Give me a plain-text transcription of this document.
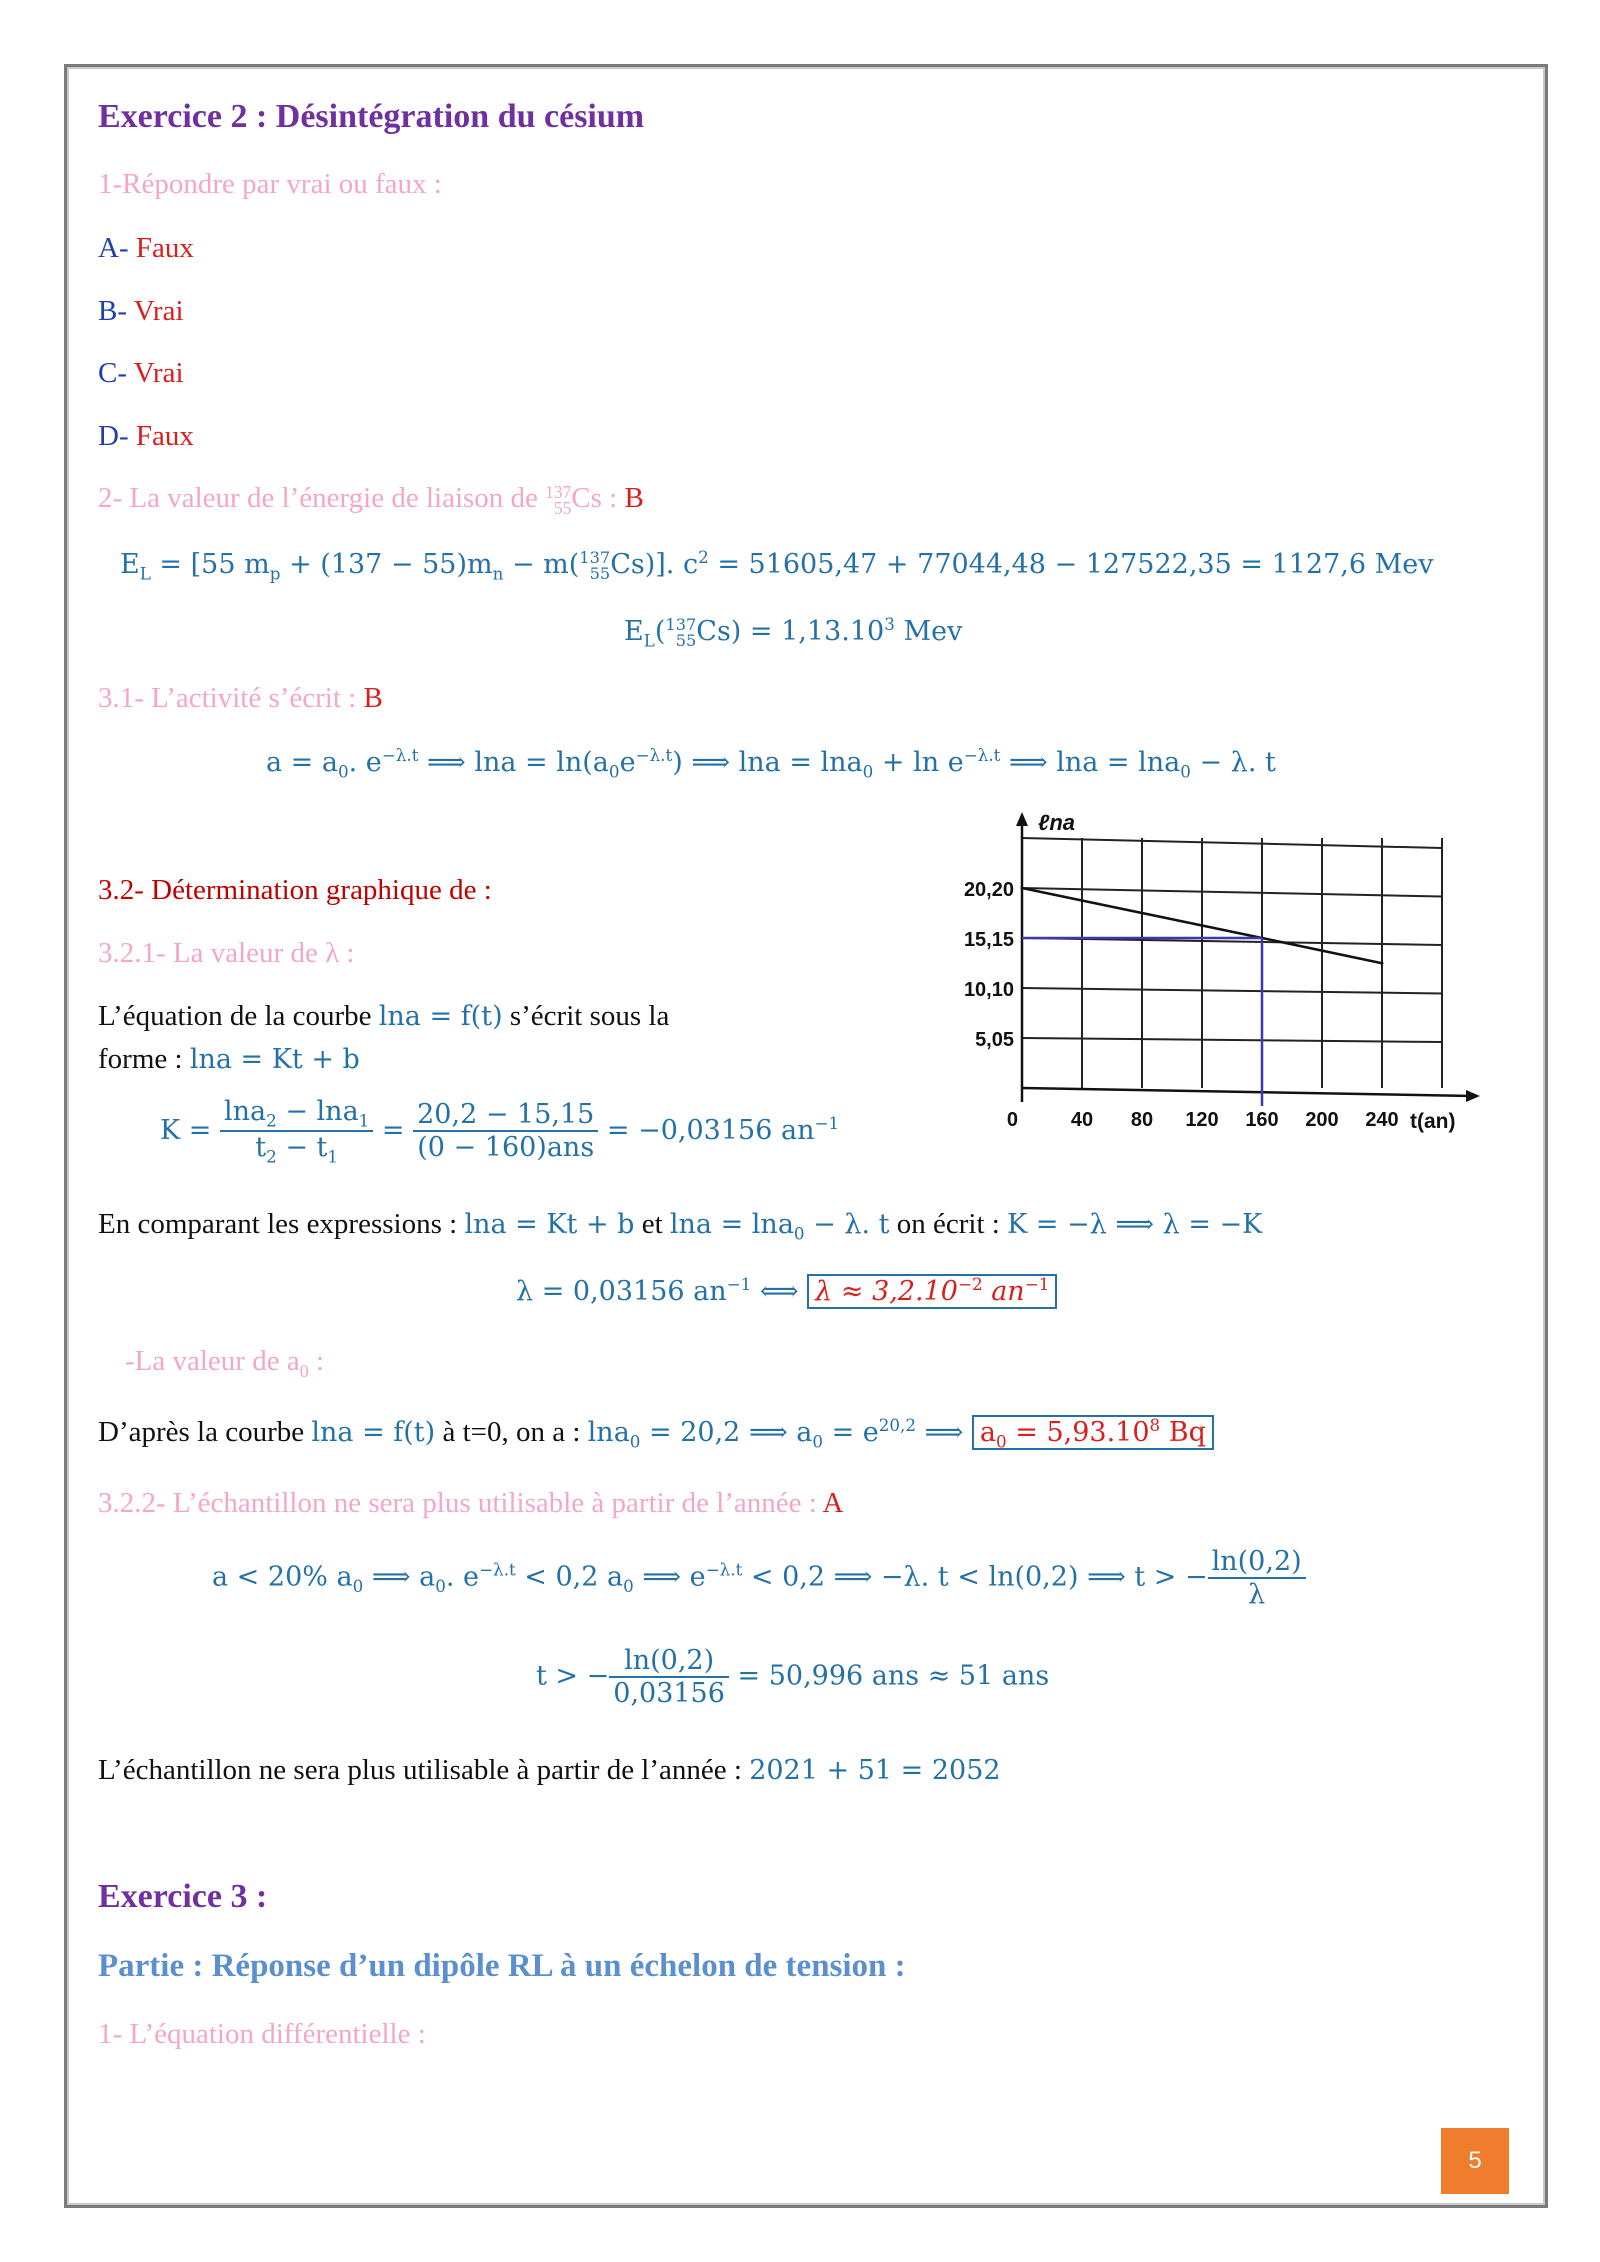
Exercice 2 : Désintégration du césium
1-Répondre par vrai ou faux :
A- Faux
B- Vrai
C- Vrai
D- Faux
2- La valeur de l’énergie de liaison de 137
55Cs : B
$E_L = [55$ $m_p + (137 - 55)m_n - m(137$
55Cs)]. $c^2 = 51605,47 + 77044,48 - 127522,35 = 1127,6$ Mev
$E_L(137$
$55Cs) = 1,13.10^3$ Mev
3.1- L’activité s’écrit : B
$a = a_0$. $e^{-\lambda.t}$ ⟹ $\ln a = \ln(a_0e^{-\lambda.t})$ ⟹ $\ln a = \ln a_0 + \ln e^{-\lambda.t}$ ⟹ lna = lna$_0$ − λ. t
3.2- Détermination graphique de :
3.2.1- La valeur de λ :
L’équation de la courbe lna = f(t) s’écrit sous la
forme : lna = Kt + b
$K = \frac{\ln a_2 - \ln a_1}{t_2 - t_1} = \frac{20,2 - 15,15}{\text{(0 − 160)ans}} = -0,03156$ $an^{-1}$
20,20
15,15
10,10
5,05
0	40 80 120 160 200 240
ℓna
t(an)
En comparant les expressions : lna = Kt + b et lna = lna$_0$ − λ. t on écrit : K = −λ ⟹ λ = −K
λ = 0,03156 $an^{-1}$ ⟺ $\lambda \approx 3,2.10^{-2}$ $an^{-1}$
-La valeur de $a_0$ :
D’après la courbe lna = f(t) à t=0, on a : lna$_0$ = 20,2 ⟹ $a_0 = e^{20,2}$ ⟹ $a_0 = 5,93.10^8$ Bq
3.2.2- L’échantillon ne sera plus utilisable à partir de l’année : A
a < 20% $a_0$ ⟹ $a_0$. $e^{-\lambda.t} < 0,2$ $a_0$ ⟹ $e^{-\lambda.t} < 0,2$ ⟹ −λ. t < ln(0,2) ⟹ t > − $\frac{\ln(0,2)}{\lambda}$
t > − $\frac{\ln(0,2)}{0,03156} = 50,996$ ans ≈ 51 ans
L’échantillon ne sera plus utilisable à partir de l’année : 2021 + 51 = 2052
Exercice 3 :
Partie : Réponse d’un dipôle RL à un échelon de tension :
1- L’équation différentielle :
5
